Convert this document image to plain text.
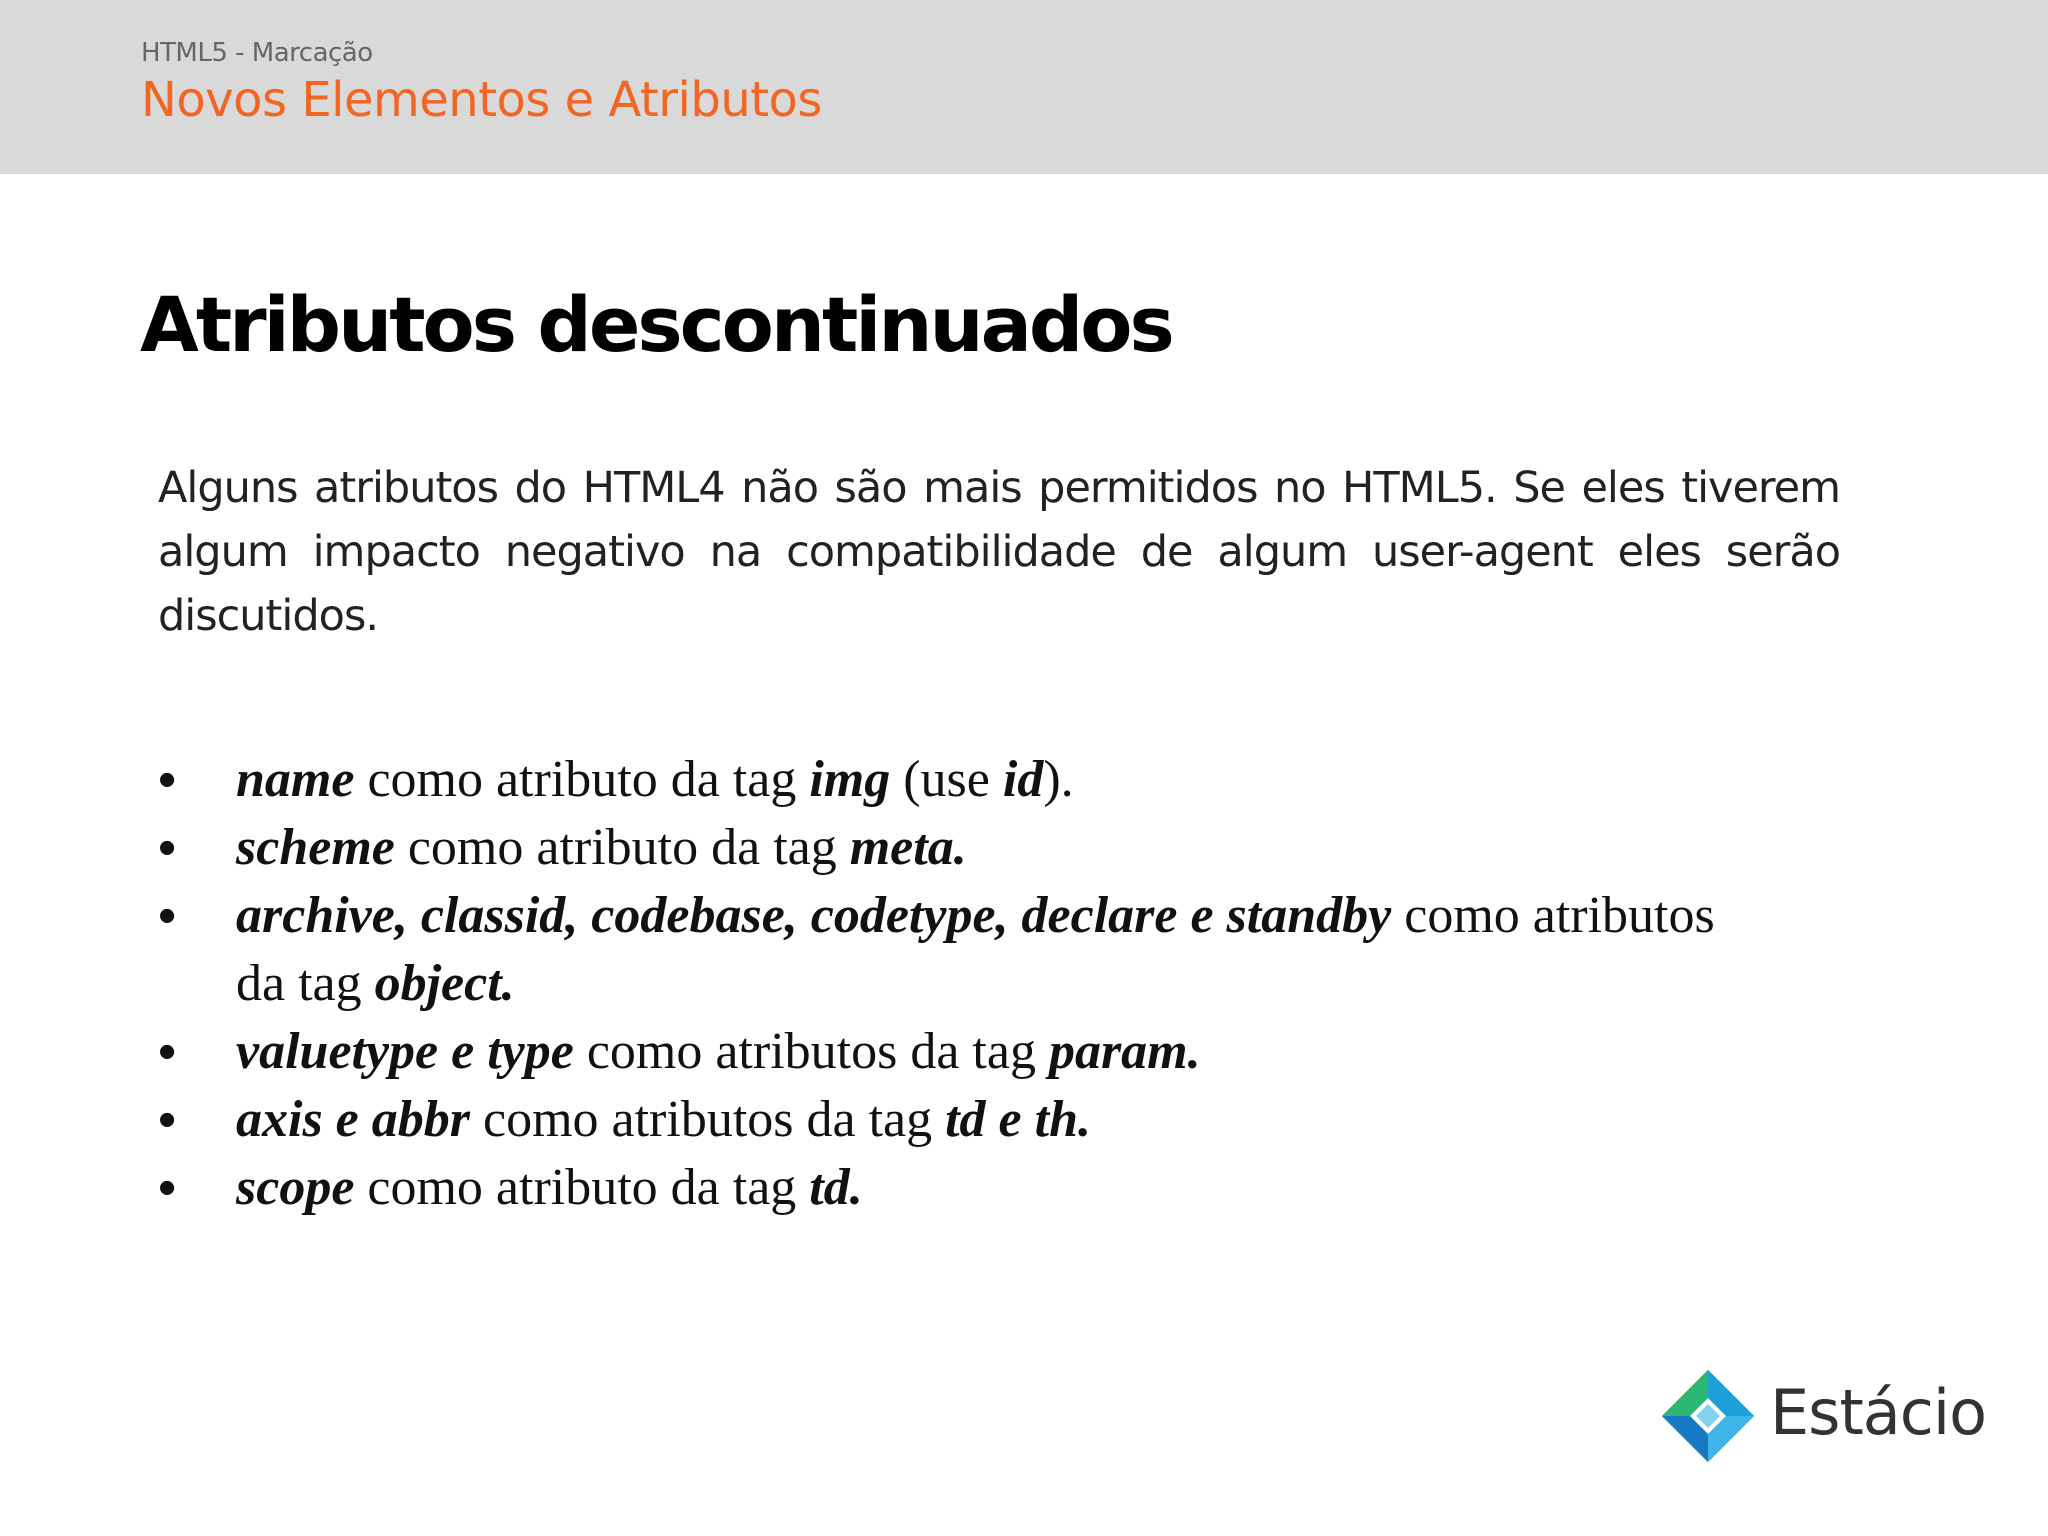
HTML5 - Marcação
Novos Elementos e Atributos
Atributos descontinuados
Alguns atributos do HTML4 não são mais permitidos no HTML5. Se eles tiverem algum impacto negativo na compatibilidade de algum user-agent eles serão discutidos.
• name como atributo da tag img (use id).
• scheme como atributo da tag meta.
• archive, classid, codebase, codetype, declare e standby como atributos da tag object.
• valuetype e type como atributos da tag param.
• axis e abbr como atributos da tag td e th.
• scope como atributo da tag td.
Estácio
